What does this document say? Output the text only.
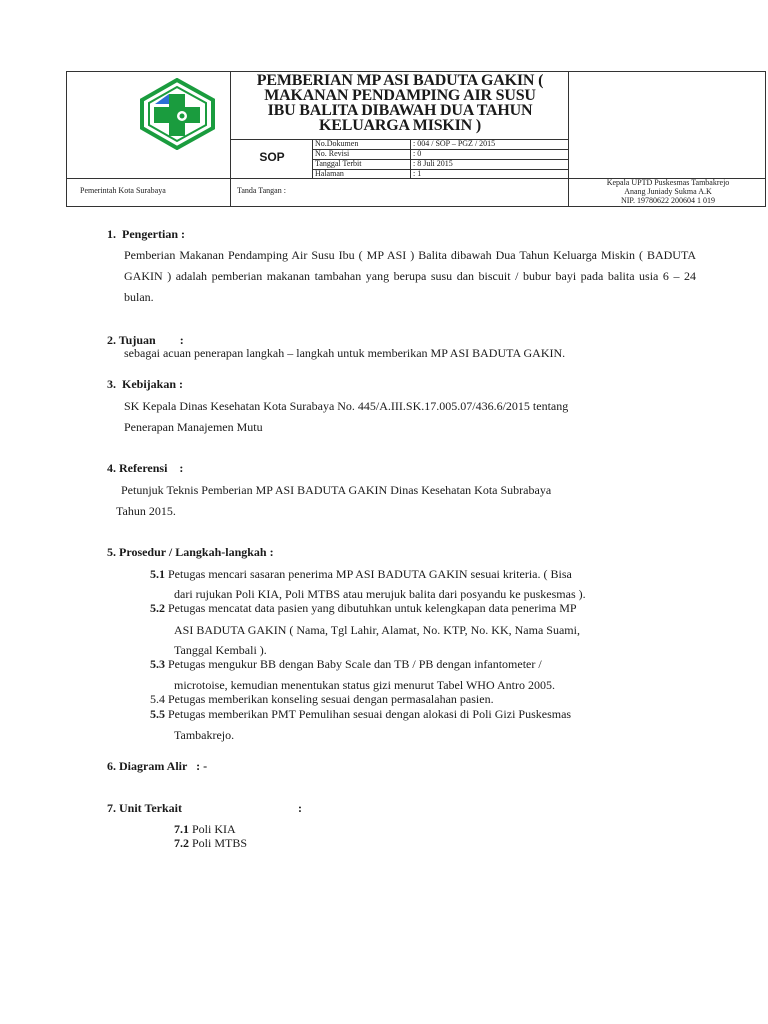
PEMBERIAN MP ASI BADUTA GAKIN (
MAKANAN PENDAMPING AIR SUSU
IBU BALITA DIBAWAH DUA TAHUN
KELUARGA MISKIN )
SOP
No.Dokumen	: 004 / SOP – PGZ / 2015
No. Revisi	: 0
Tanggal Terbit	: 8 Juli 2015
Halaman	: 1
Pemerintah Kota Surabaya	Tanda Tangan :
Kepala UPTD Puskesmas Tambakrejo
Anang Juniady Sukma A.K
NIP. 19780622 200604 1 019
1.  Pengertian :
Pemberian Makanan Pendamping Air Susu Ibu ( MP ASI ) Balita dibawah Dua Tahun Keluarga Miskin ( BADUTA GAKIN ) adalah pemberian makanan tambahan yang berupa susu dan biscuit / bubur bayi pada balita usia 6 – 24 bulan.
2. Tujuan        :
sebagai acuan penerapan langkah – langkah untuk memberikan MP ASI BADUTA GAKIN.
3.  Kebijakan :
SK Kepala Dinas Kesehatan Kota Surabaya No. 445/A.III.SK.17.005.07/436.6/2015 tentang
Penerapan Manajemen Mutu
4. Referensi    :
Petunjuk Teknis Pemberian MP ASI BADUTA GAKIN Dinas Kesehatan Kota Subrabaya
Tahun 2015.
5. Prosedur / Langkah-langkah :
5.1 Petugas mencari sasaran penerima MP ASI BADUTA GAKIN sesuai kriteria. ( Bisa
dari rujukan Poli KIA, Poli MTBS atau merujuk balita dari posyandu ke puskesmas ).
5.2 Petugas mencatat data pasien yang dibutuhkan untuk kelengkapan data penerima MP
ASI BADUTA GAKIN ( Nama, Tgl Lahir, Alamat, No. KTP, No. KK, Nama Suami,
Tanggal Kembali ).
5.3 Petugas mengukur BB dengan Baby Scale dan TB / PB dengan infantometer /
microtoise, kemudian menentukan status gizi menurut Tabel WHO Antro 2005.
5.4 Petugas memberikan konseling sesuai dengan permasalahan pasien.
5.5 Petugas memberikan PMT Pemulihan sesuai dengan alokasi di Poli Gizi Puskesmas
Tambakrejo.
6. Diagram Alir   : -
7. Unit Terkait	:
7.1 Poli KIA
7.2 Poli MTBS
